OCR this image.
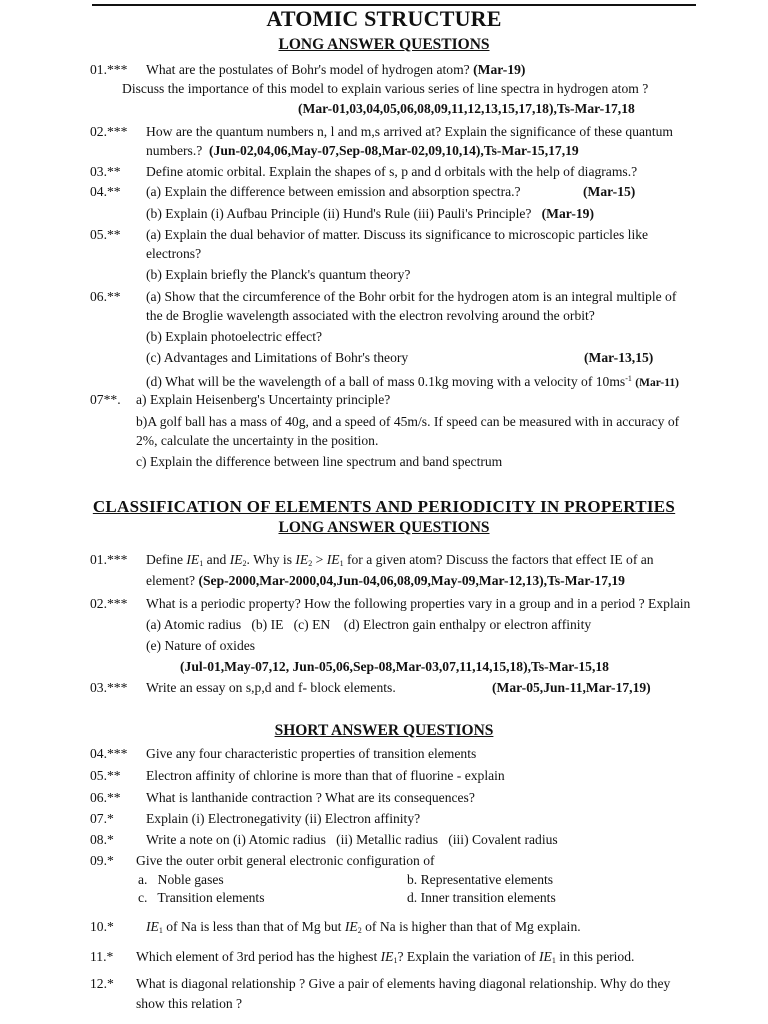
ATOMIC STRUCTURE
LONG ANSWER QUESTIONS
01.*** What are the postulates of Bohr's model of hydrogen atom? (Mar-19)
Discuss the importance of this model to explain various series of line spectra in hydrogen atom ?
(Mar-01,03,04,05,06,08,09,11,12,13,15,17,18),Ts-Mar-17,18
02.*** How are the quantum numbers n, l and m,s arrived at? Explain the significance of these quantum
numbers.? (Jun-02,04,06,May-07,Sep-08,Mar-02,09,10,14),Ts-Mar-15,17,19
03.** Define atomic orbital. Explain the shapes of s, p and d orbitals with the help of diagrams.?
04.** (a) Explain the difference between emission and absorption spectra.?	(Mar-15)
(b) Explain (i) Aufbau Principle (ii) Hund's Rule (iii) Pauli's Principle? (Mar-19)
05.** (a) Explain the dual behavior of matter. Discuss its significance to microscopic particles like
electrons?
(b) Explain briefly the Planck's quantum theory?
06.** (a) Show that the circumference of the Bohr orbit for the hydrogen atom is an integral multiple of
the de Broglie wavelength associated with the electron revolving around the orbit?
(b) Explain photoelectric effect?
(c) Advantages and Limitations of Bohr's theory	(Mar-13,15)
(d) What will be the wavelength of a ball of mass 0.1kg moving with a velocity of $10ms^{-1}$ (Mar-11)
07**. a) Explain Heisenberg's Uncertainty principle?
b)A golf ball has a mass of 40g, and a speed of 45m/s. If speed can be measured with in accuracy of
2%, calculate the uncertainty in the position.
c) Explain the difference between line spectrum and band spectrum
CLASSIFICATION OF ELEMENTS AND PERIODICITY IN PROPERTIES
LONG ANSWER QUESTIONS
01.*** Define $IE_1$ and $IE_2$. Why is $IE_2 > IE_1$ for a given atom? Discuss the factors that effect IE of an
element? (Sep-2000,Mar-2000,04,Jun-04,06,08,09,May-09,Mar-12,13),Ts-Mar-17,19
02.*** What is a periodic property? How the following properties vary in a group and in a period ? Explain
(a) Atomic radius   (b) IE   (c) EN    (d) Electron gain enthalpy or electron affinity
(e) Nature of oxides
(Jul-01,May-07,12, Jun-05,06,Sep-08,Mar-03,07,11,14,15,18),Ts-Mar-15,18
03.*** Write an essay on s,p,d and f- block elements.	(Mar-05,Jun-11,Mar-17,19)
SHORT ANSWER QUESTIONS
04.*** Give any four characteristic properties of transition elements
05.** Electron affinity of chlorine is more than that of fluorine - explain
06.** What is lanthanide contraction ? What are its consequences?
07.* Explain (i) Electronegativity (ii) Electron affinity?
08.* Write a note on (i) Atomic radius   (ii) Metallic radius   (iii) Covalent radius
09.* Give the outer orbit general electronic configuration of
a.   Noble gases	b. Representative elements
c.   Transition elements	d. Inner transition elements
10.* $IE_1$ of Na is less than that of Mg but $IE_2$ of Na is higher than that of Mg explain.
11.* Which element of 3rd period has the highest $IE_1$? Explain the variation of $IE_1$ in this period.
12.* What is diagonal relationship ? Give a pair of elements having diagonal relationship. Why do they
show this relation ?
